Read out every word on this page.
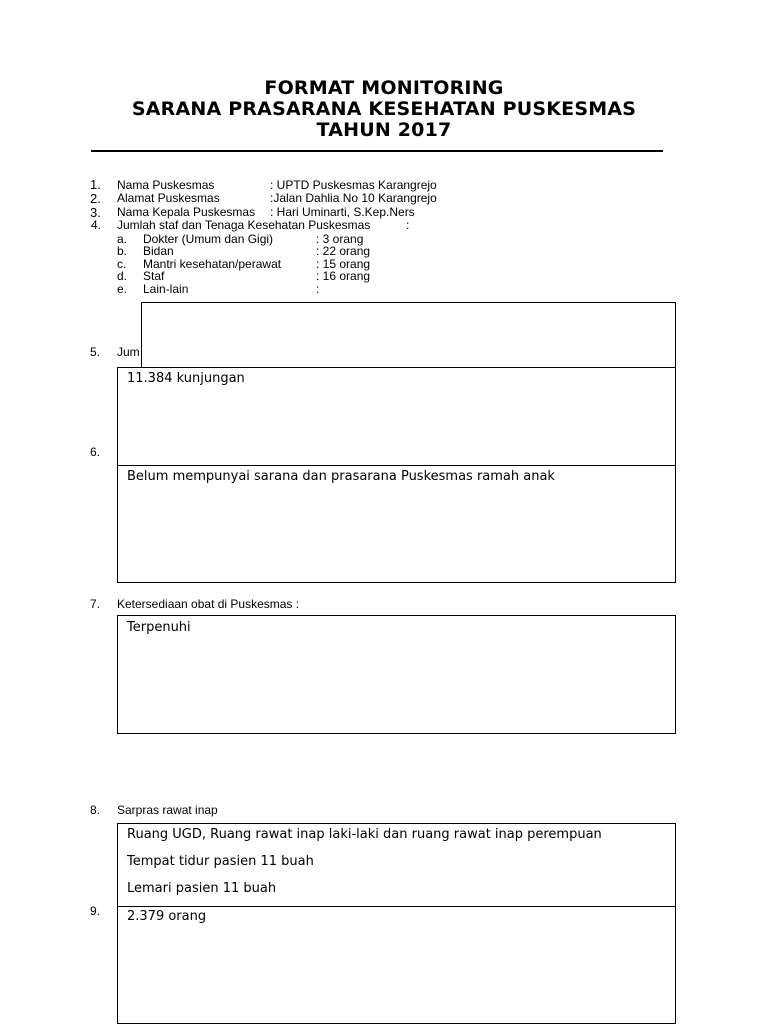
FORMAT MONITORING
SARANA PRASARANA KESEHATAN PUSKESMAS
TAHUN 2017
1. Nama Puskesmas	: UPTD Puskesmas Karangrejo
2. Alamat Puskesmas	:Jalan Dahlia No 10 Karangrejo
3. Nama Kepala Puskesmas : Hari Uminarti, S.Kep.Ners
4. Jumlah staf dan Tenaga Kesehatan Puskesmas	:
a. Dokter (Umum dan Gigi)	: 3 orang
b. Bidan	: 22 orang
c. Mantri kesehatan/perawat	: 15 orang
d. Staf	: 16 orang
e. Lain-lain	:
5. Jum
11.384 kunjungan
6.
Belum mempunyai sarana dan prasarana Puskesmas ramah anak
7. Ketersediaan obat di Puskesmas :
Terpenuhi
8. Sarpras rawat inap
Ruang UGD, Ruang rawat inap laki-laki dan ruang rawat inap perempuan
Tempat tidur pasien 11 buah
Lemari pasien 11 buah
9. 2.379 orang
